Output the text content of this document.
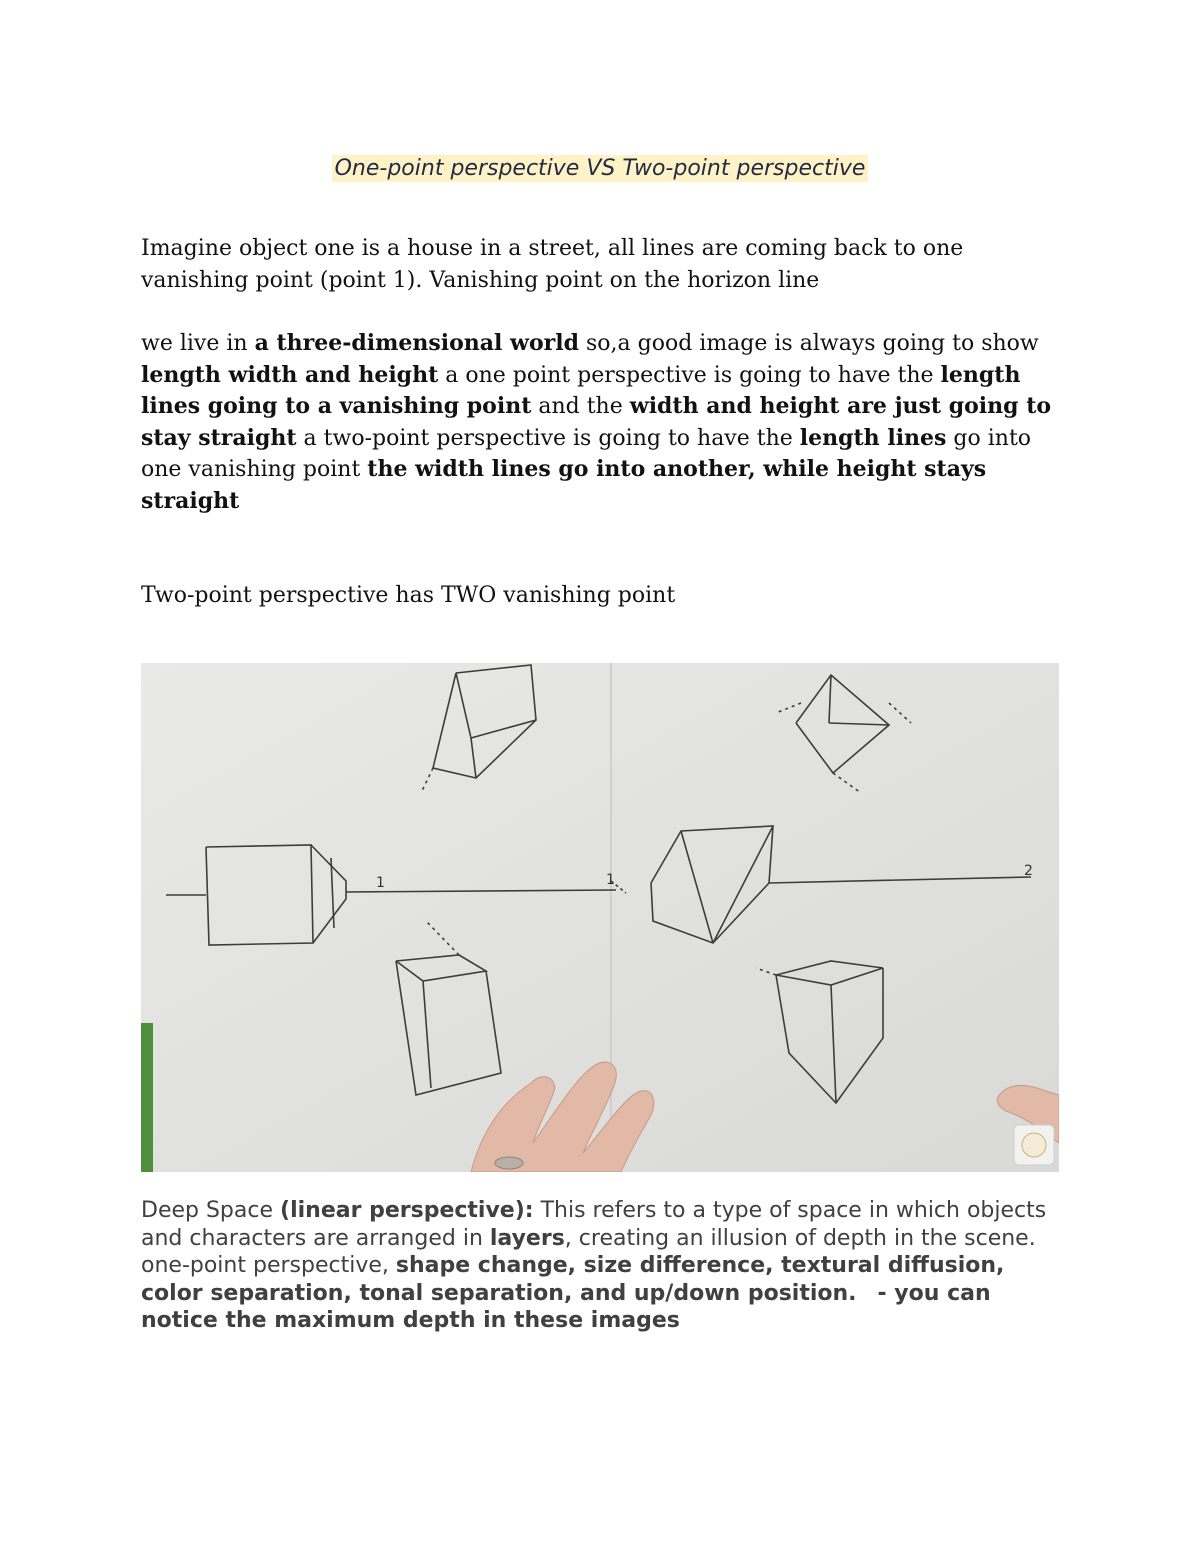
One-point perspective VS Two-point perspective
Imagine object one is a house in a street, all lines are coming back to one vanishing point (point 1). Vanishing point on the horizon line
we live in a three-dimensional world so,a good image is always going to show length width and height a one point perspective is going to have the length lines going to a vanishing point and the width and height are just going to stay straight a two-point perspective is going to have the length lines go into one vanishing point the width lines go into another, while height stays straight
Two-point perspective has TWO vanishing point
1	1
2
Deep Space (linear perspective): This refers to a type of space in which objects and characters are arranged in layers, creating an illusion of depth in the scene. one-point perspective, shape change, size difference, textural diffusion, color separation, tonal separation, and up/down position. - you can notice the maximum depth in these images
